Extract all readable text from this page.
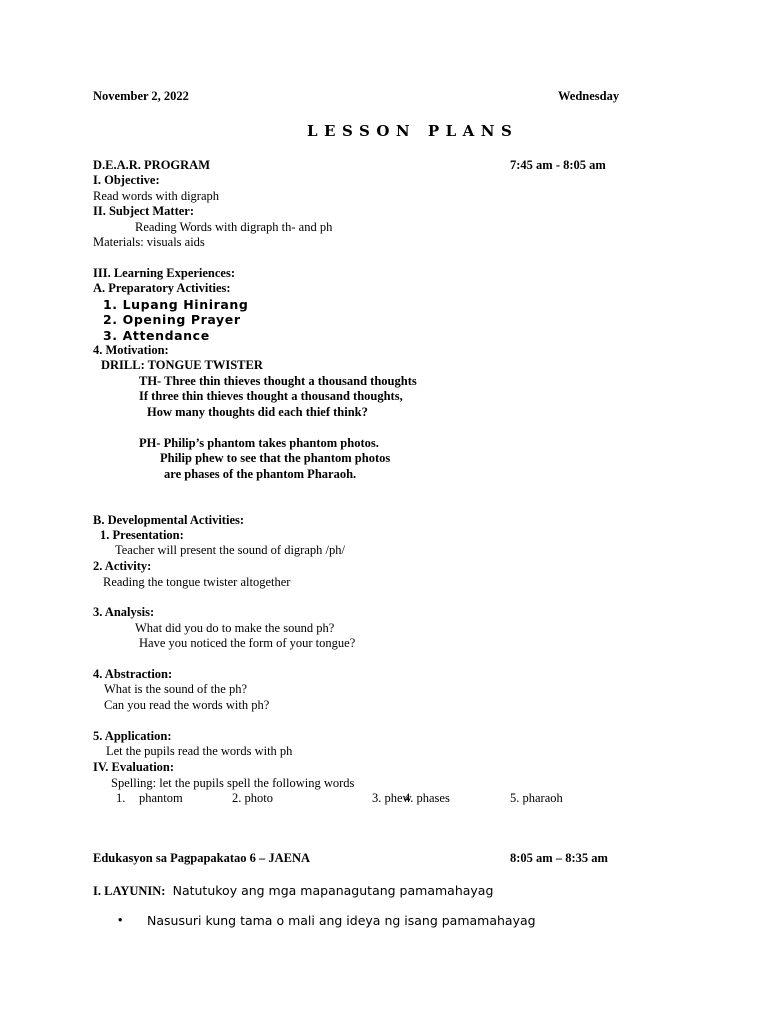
November 2, 2022	Wednesday
LESSON PLANS
D.E.A.R. PROGRAM	7:45 am - 8:05 am
I. Objective:
Read words with digraph
II. Subject Matter:
Reading Words with digraph th- and ph
Materials: visuals aids
III. Learning Experiences:
A. Preparatory Activities:
1. Lupang Hinirang
2. Opening Prayer
3. Attendance
4. Motivation:
DRILL: TONGUE TWISTER
TH- Three thin thieves thought a thousand thoughts
If three thin thieves thought a thousand thoughts,
How many thoughts did each thief think?
PH- Philip’s phantom takes phantom photos.
Philip phew to see that the phantom photos
are phases of the phantom Pharaoh.
B. Developmental Activities:
1. Presentation:
Teacher will present the sound of digraph /ph/
2. Activity:
Reading the tongue twister altogether
3. Analysis:
What did you do to make the sound ph?
Have you noticed the form of your tongue?
4. Abstraction:
What is the sound of the ph?
Can you read the words with ph?
5. Application:
Let the pupils read the words with ph
IV. Evaluation:
Spelling: let the pupils spell the following words
1. phantom	2. photo	3. phew
4. phases	5. pharaoh
Edukasyon sa Pagpapakatao 6 – JAENA	8:05 am – 8:35 am
I. LAYUNIN: Natutukoy ang mga mapanagutang pamamahayag
• Nasusuri kung tama o mali ang ideya ng isang pamamahayag
